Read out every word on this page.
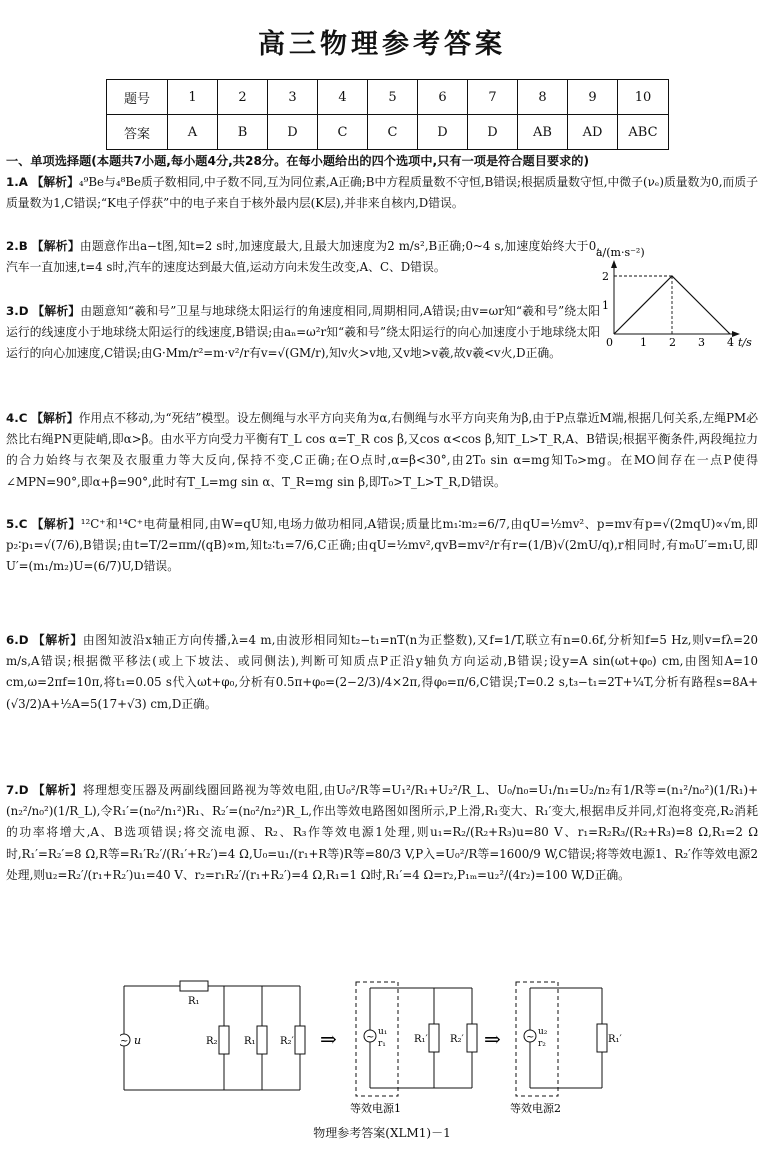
高三物理参考答案
题号	1	2	3	4	5	6	7	8	9	10
答案	A	B	D	C	C	D	D	AB	AD	ABC
一、单项选择题(本题共7小题,每小题4分,共28分。在每小题给出的四个选项中,只有一项是符合题目要求的)
1.A 【解析】₄⁹Be与₄⁸Be质子数相同,中子数不同,互为同位素,A正确;B中方程质量数不守恒,B错误;根据质量数守恒,中微子(νₑ)质量数为0,而质子质量数为1,C错误;“K电子俘获”中的电子来自于核外最内层(K层),并非来自核内,D错误。
2.B 【解析】由题意作出a−t图,知t=2 s时,加速度最大,且最大加速度为2 m/s²,B正确;0~4 s,加速度始终大于0,汽车一直加速,t=4 s时,汽车的速度达到最大值,运动方向未发生改变,A、C、D错误。
3.D 【解析】由题意知“羲和号”卫星与地球绕太阳运行的角速度相同,周期相同,A错误;由v=ωr知“羲和号”绕太阳运行的线速度小于地球绕太阳运行的线速度,B错误;由aₙ=ω²r知“羲和号”绕太阳运行的向心加速度小于地球绕太阳运行的向心加速度,C错误;由G·Mm/r²=m·v²/r有v=√(GM/r),知v火>v地,又v地>v羲,故v羲<v火,D正确。
a/(m·s⁻²)
0 1 2 3 4 t/s
1
2
4.C 【解析】作用点不移动,为“死结”模型。设左侧绳与水平方向夹角为α,右侧绳与水平方向夹角为β,由于P点靠近M端,根据几何关系,左绳PM必然比右绳PN更陡峭,即α>β。由水平方向受力平衡有T_L cos α=T_R cos β,又cos α<cos β,知T_L>T_R,A、B错误;根据平衡条件,两段绳拉力的合力始终与衣架及衣服重力等大反向,保持不变,C正确;在O点时,α=β<30°,由2T₀ sin α=mg知T₀>mg。在MO间存在一点P使得∠MPN=90°,即α+β=90°,此时有T_L=mg sin α、T_R=mg sin β,即T₀>T_L>T_R,D错误。
5.C 【解析】¹²C⁺和¹⁴C⁺电荷量相同,由W=qU知,电场力做功相同,A错误;质量比m₁∶m₂=6/7,由qU=½mv²、p=mv有p=√(2mqU)∝√m,即p₂∶p₁=√(7/6),B错误;由t=T/2=πm/(qB)∝m,知t₂∶t₁=7/6,C正确;由qU=½mv²,qvB=mv²/r有r=(1/B)√(2mU/q),r相同时,有m₀U′=m₁U,即U′=(m₁/m₂)U=(6/7)U,D错误。
6.D 【解析】由图知波沿x轴正方向传播,λ=4 m,由波形相同知t₂−t₁=nT(n为正整数),又f=1/T,联立有n=0.6f,分析知f=5 Hz,则v=fλ=20 m/s,A错误;根据微平移法(或上下坡法、或同侧法),判断可知质点P正沿y轴负方向运动,B错误;设y=A sin(ωt+φ₀) cm,由图知A=10 cm,ω=2πf=10π,将t₁=0.05 s代入ωt+φ₀,分析有0.5π+φ₀=(2−2/3)/4×2π,得φ₀=π/6,C错误;T=0.2 s,t₃−t₁=2T+¼T,分析有路程s=8A+(√3/2)A+½A=5(17+√3) cm,D正确。
7.D 【解析】将理想变压器及两副线圈回路视为等效电阻,由U₀²/R等=U₁²/R₁+U₂²/R_L、U₀/n₀=U₁/n₁=U₂/n₂有1/R等=(n₁²/n₀²)(1/R₁)+(n₂²/n₀²)(1/R_L),令R₁′=(n₀²/n₁²)R₁、R₂′=(n₀²/n₂²)R_L,作出等效电路图如图所示,P上滑,R₁变大、R₁′变大,根据串反并同,灯泡将变亮,R₂消耗的功率将增大,A、B选项错误;将交流电源、R₂、R₃作等效电源1处理,则u₁=R₂/(R₂+R₃)u=80 V、r₁=R₂R₃/(R₂+R₃)=8 Ω,R₁=2 Ω时,R₁′=R₂′=8 Ω,R等=R₁′R₂′/(R₁′+R₂′)=4 Ω,U₀=u₁/(r₁+R等)R等=80/3 V,P入=U₀²/R等=1600/9 W,C错误;将等效电源1、R₂′作等效电源2处理,则u₂=R₂′/(r₁+R₂′)u₁=40 V、r₂=r₁R₂′/(r₁+R₂′)=4 Ω,R₁=1 Ω时,R₁′=4 Ω=r₂,P₁ₘ=u₂²/(4r₂)=100 W,D正确。
~	~	~
u
R₁
R₂	R₁ R₂′ ⇒	u₁
r₁	R₁′ R₂′ ⇒	u₂
r₂	R₁′
等效电源1	等效电源2
物理参考答案(XLM1)－1
